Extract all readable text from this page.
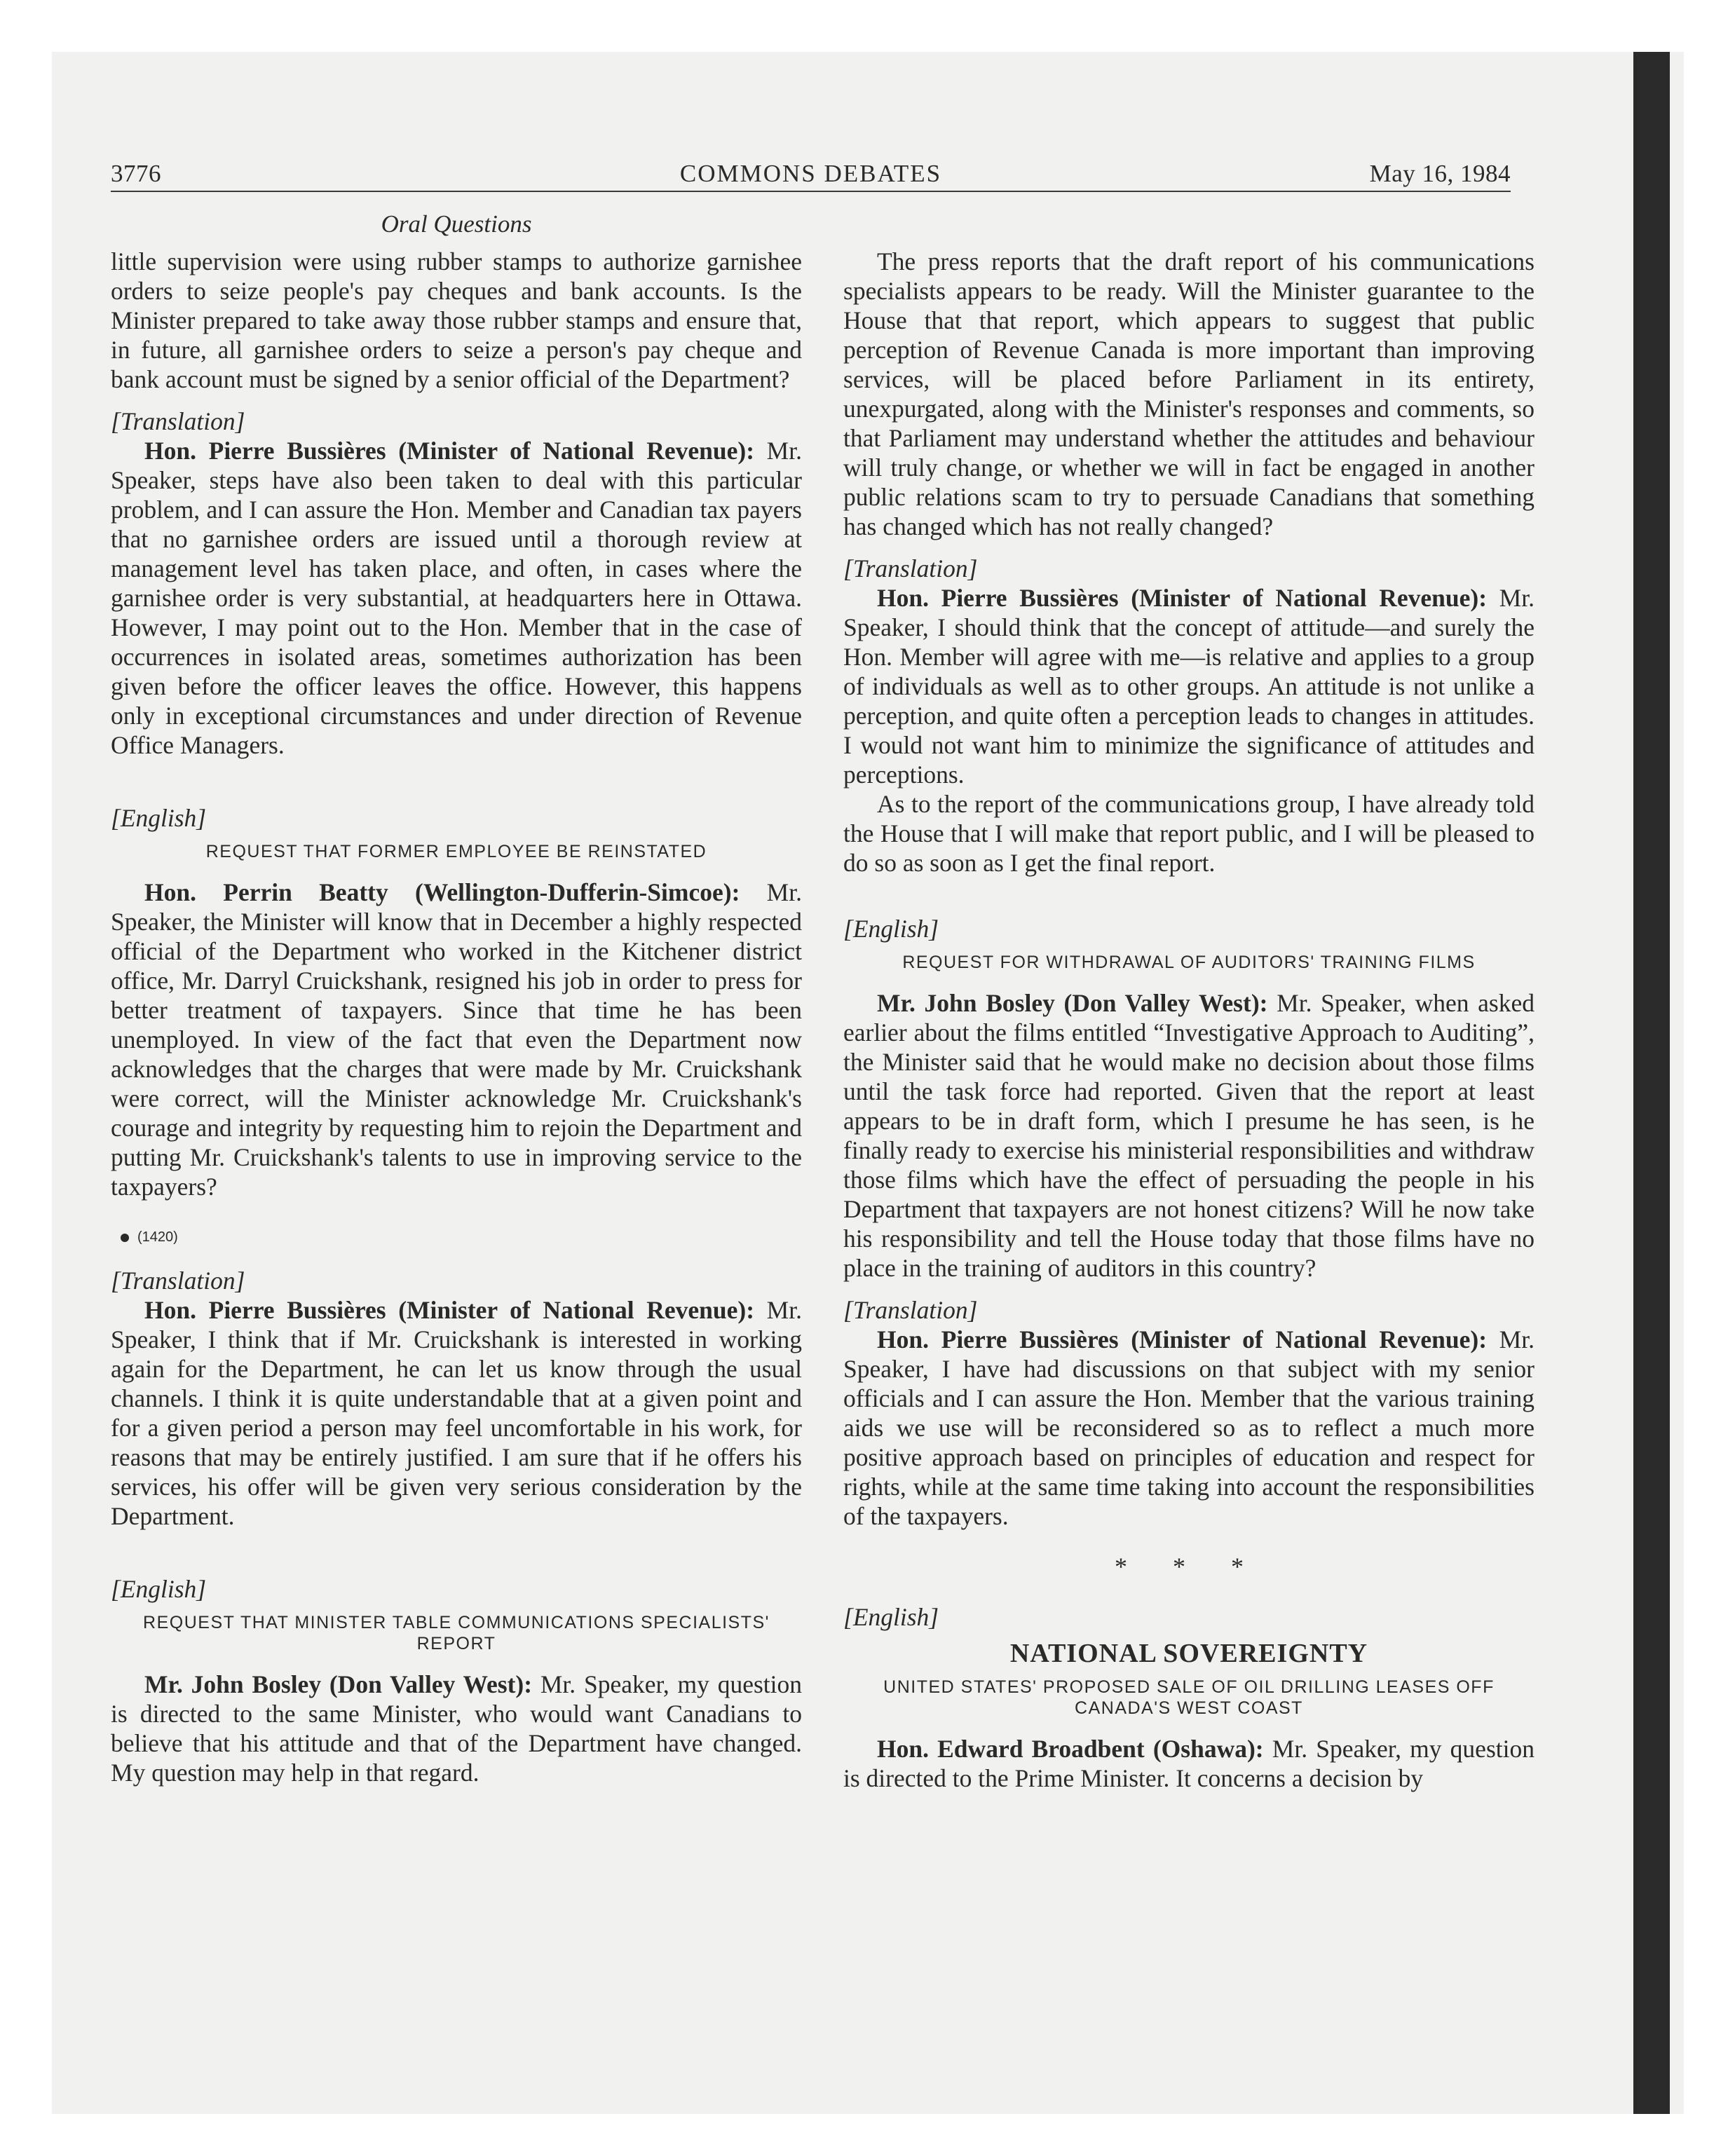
3776	COMMONS DEBATES	May 16, 1984
Oral Questions

little supervision were using rubber stamps to authorize garnishee orders to seize people's pay cheques and bank accounts. Is the Minister prepared to take away those rubber stamps and ensure that, in future, all garnishee orders to seize a person's pay cheque and bank account must be signed by a senior official of the Department?

[Translation]

Hon. Pierre Bussières (Minister of National Revenue): Mr. Speaker, steps have also been taken to deal with this particular problem, and I can assure the Hon. Member and Canadian tax payers that no garnishee orders are issued until a thorough review at management level has taken place, and often, in cases where the garnishee order is very substantial, at headquarters here in Ottawa. However, I may point out to the Hon. Member that in the case of occurrences in isolated areas, sometimes authorization has been given before the officer leaves the office. However, this happens only in exceptional circumstances and under direction of Revenue Office Managers.

[English]

REQUEST THAT FORMER EMPLOYEE BE REINSTATED

Hon. Perrin Beatty (Wellington-Dufferin-Simcoe): Mr. Speaker, the Minister will know that in December a highly respected official of the Department who worked in the Kitchener district office, Mr. Darryl Cruickshank, resigned his job in order to press for better treatment of taxpayers. Since that time he has been unemployed. In view of the fact that even the Department now acknowledges that the charges that were made by Mr. Cruickshank were correct, will the Minister acknowledge Mr. Cruickshank's courage and integrity by requesting him to rejoin the Department and putting Mr. Cruickshank's talents to use in improving service to the taxpayers?

(1420)

[Translation]

Hon. Pierre Bussières (Minister of National Revenue): Mr. Speaker, I think that if Mr. Cruickshank is interested in working again for the Department, he can let us know through the usual channels. I think it is quite understandable that at a given point and for a given period a person may feel uncomfortable in his work, for reasons that may be entirely justified. I am sure that if he offers his services, his offer will be given very serious consideration by the Department.

[English]

REQUEST THAT MINISTER TABLE COMMUNICATIONS SPECIALISTS' REPORT

Mr. John Bosley (Don Valley West): Mr. Speaker, my question is directed to the same Minister, who would want Canadians to believe that his attitude and that of the Department have changed. My question may help in that regard.

The press reports that the draft report of his communications specialists appears to be ready. Will the Minister guarantee to the House that that report, which appears to suggest that public perception of Revenue Canada is more important than improving services, will be placed before Parliament in its entirety, unexpurgated, along with the Minister's responses and comments, so that Parliament may understand whether the attitudes and behaviour will truly change, or whether we will in fact be engaged in another public relations scam to try to persuade Canadians that something has changed which has not really changed?

[Translation]

Hon. Pierre Bussières (Minister of National Revenue): Mr. Speaker, I should think that the concept of attitude—and surely the Hon. Member will agree with me—is relative and applies to a group of individuals as well as to other groups. An attitude is not unlike a perception, and quite often a perception leads to changes in attitudes. I would not want him to minimize the significance of attitudes and perceptions.

As to the report of the communications group, I have already told the House that I will make that report public, and I will be pleased to do so as soon as I get the final report.

[English]

REQUEST FOR WITHDRAWAL OF AUDITORS' TRAINING FILMS

Mr. John Bosley (Don Valley West): Mr. Speaker, when asked earlier about the films entitled “Investigative Approach to Auditing”, the Minister said that he would make no decision about those films until the task force had reported. Given that the report at least appears to be in draft form, which I presume he has seen, is he finally ready to exercise his ministerial responsibilities and withdraw those films which have the effect of persuading the people in his Department that taxpayers are not honest citizens? Will he now take his responsibility and tell the House today that those films have no place in the training of auditors in this country?

[Translation]

Hon. Pierre Bussières (Minister of National Revenue): Mr. Speaker, I have had discussions on that subject with my senior officials and I can assure the Hon. Member that the various training aids we use will be reconsidered so as to reflect a much more positive approach based on principles of education and respect for rights, while at the same time taking into account the responsibilities of the taxpayers.

* * *

[English]

NATIONAL SOVEREIGNTY
UNITED STATES' PROPOSED SALE OF OIL DRILLING LEASES OFF CANADA'S WEST COAST

Hon. Edward Broadbent (Oshawa): Mr. Speaker, my question is directed to the Prime Minister. It concerns a decision by
